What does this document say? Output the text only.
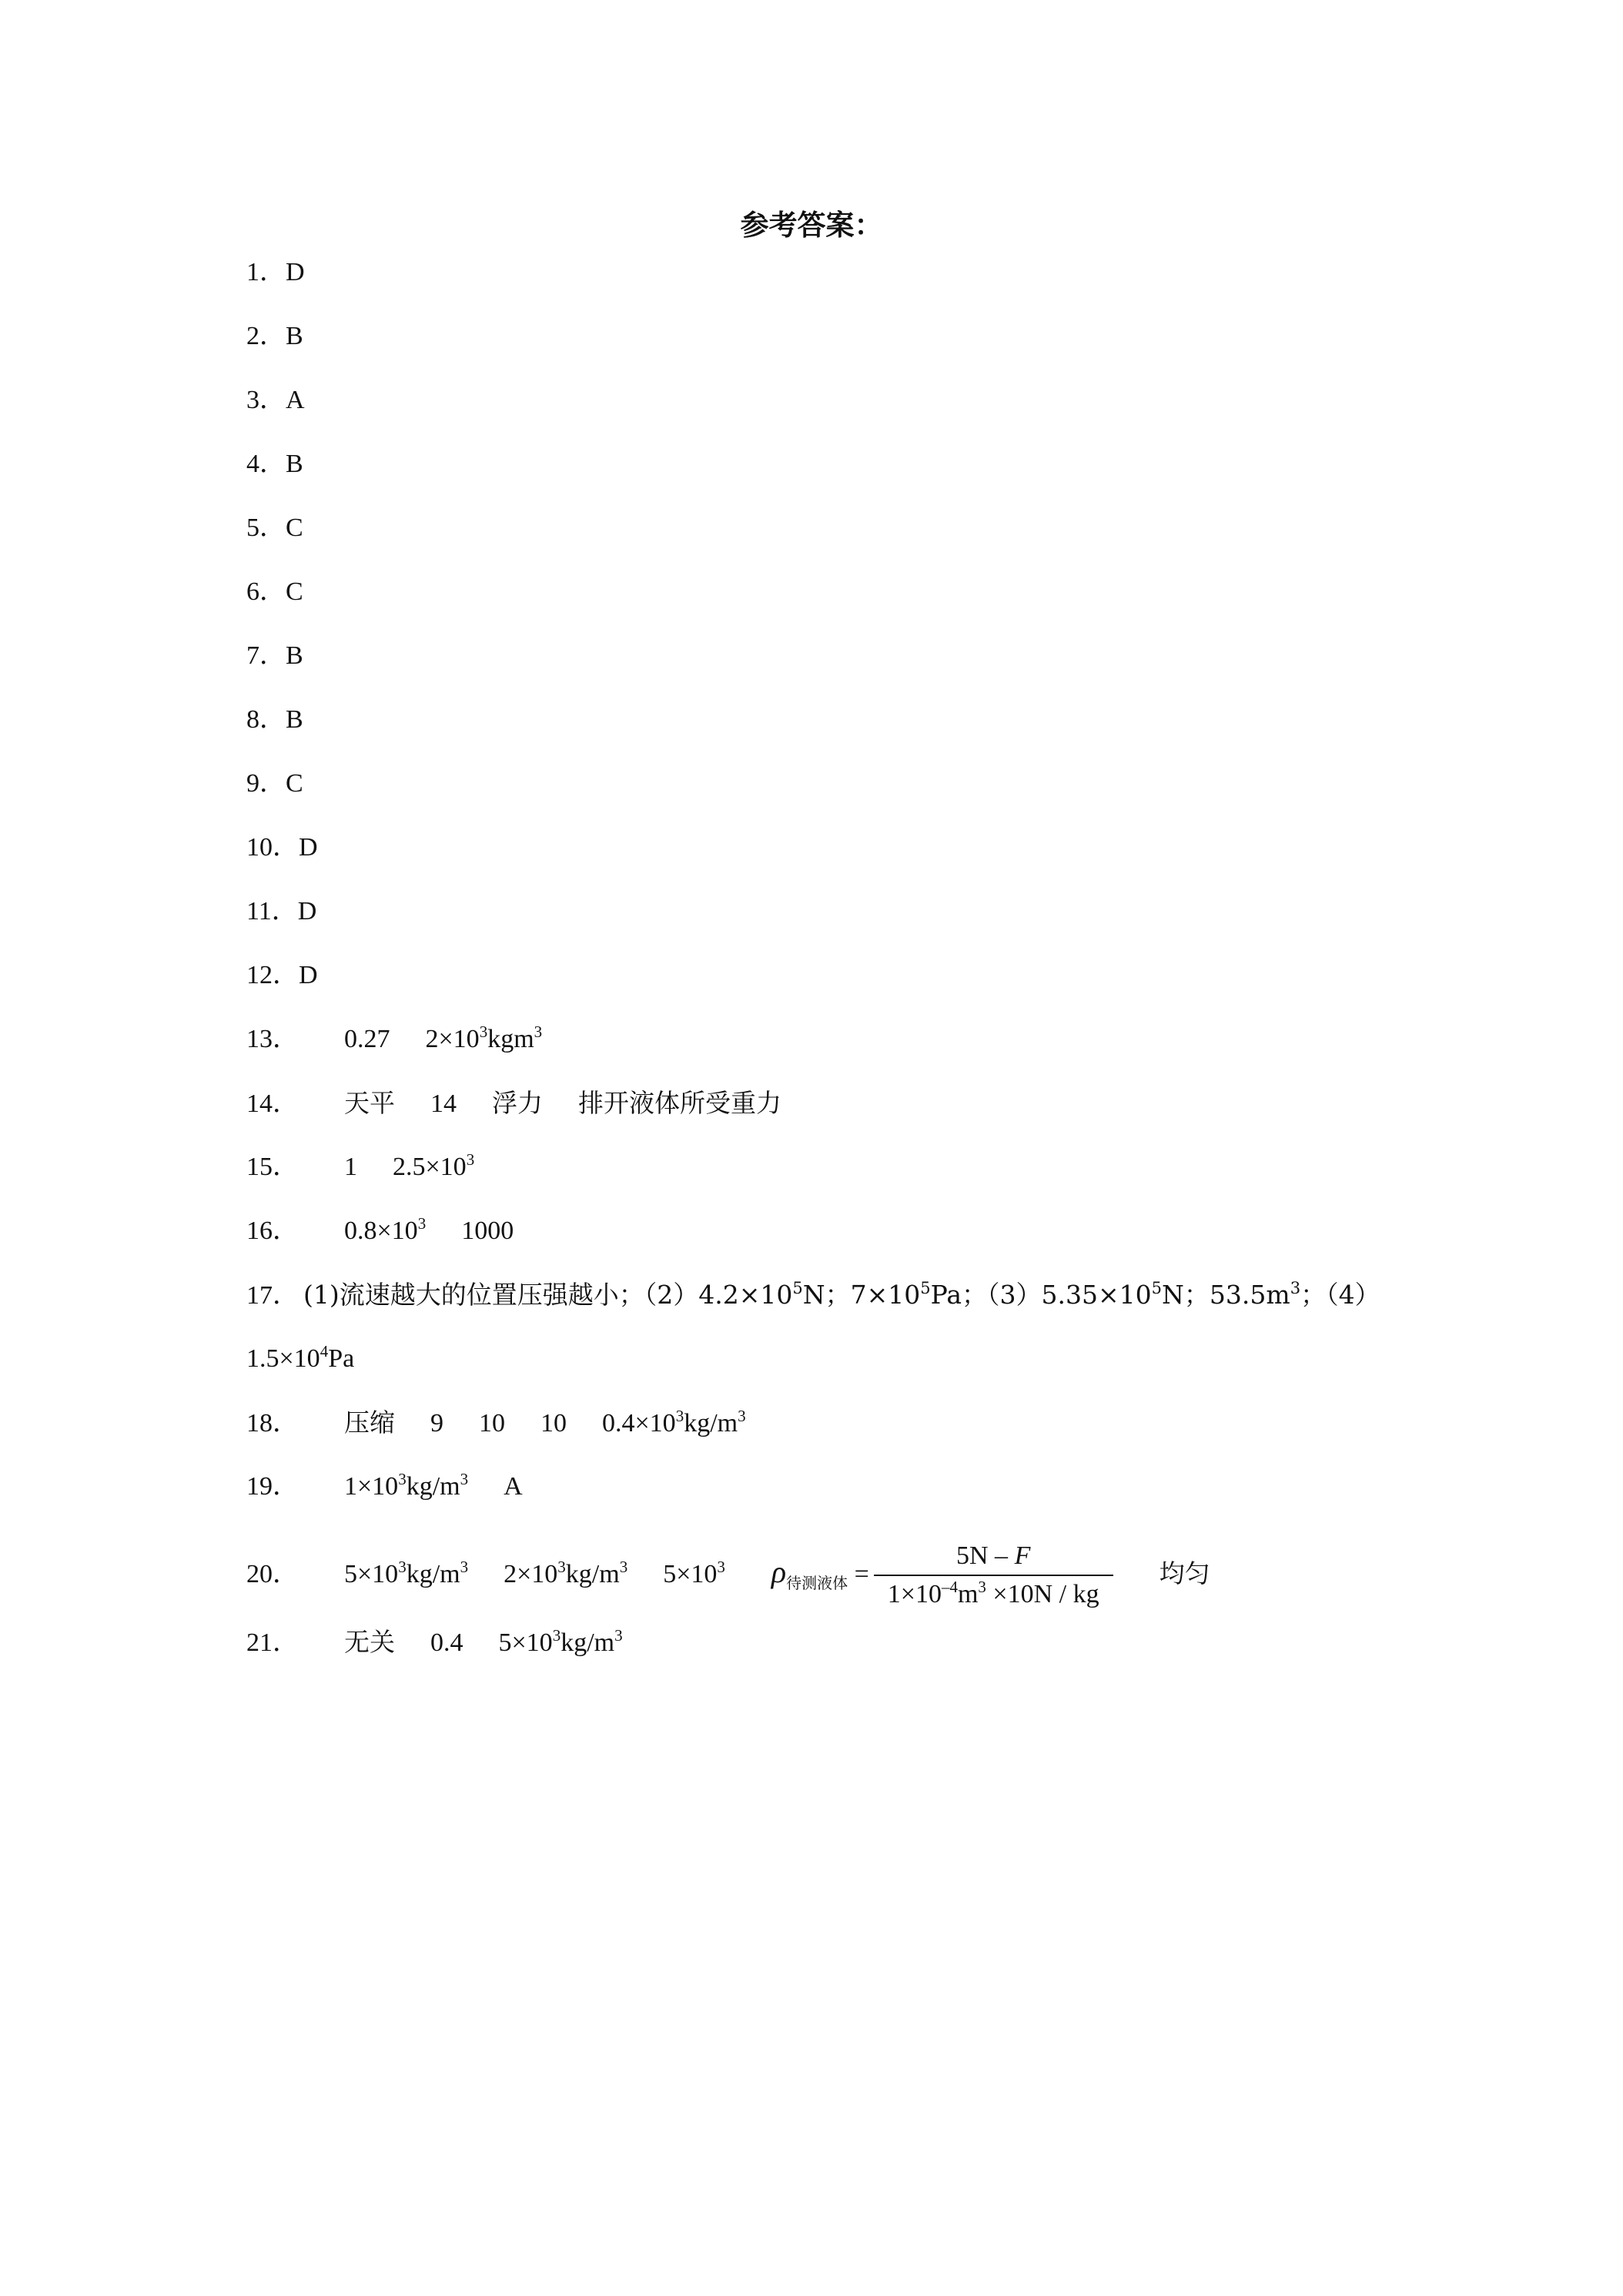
参考答案：
1．D
2．B
3．A
4．B
5．C
6．C
7．B
8．B
9．C
10．D
11．D
12．D
13． 0.27 $2\times 10^3kgm^3$
14． 天平 14 浮力 排开液体所受重力
15． 1 $2.5\times 10^3$
16． $0.8\times 10^3$ 1000
17． (1)流速越大的位置压强越小；$(2)4.2\times 10^5N$；$7\times 10^5Pa$；$(3)5.35\times 10^5N$；$53.5m^3$；（4）
$1.5\times 10^4Pa$
18． 压缩 9 10 10 $0.4\times 10^3kg/m^3$
19． $1\times 10^3kg/m^3$ A
20． $5\times 10^3kg/m^3$ $2\times 10^3kg/m^3$ $5\times 10^3$ $\rho_{待测液体} = \frac{5N - F}{1\times 10^{-4}m^3 \times 10N / kg}$ 均匀
21． 无关 0.4 $5\times 10^3kg/m^3$
